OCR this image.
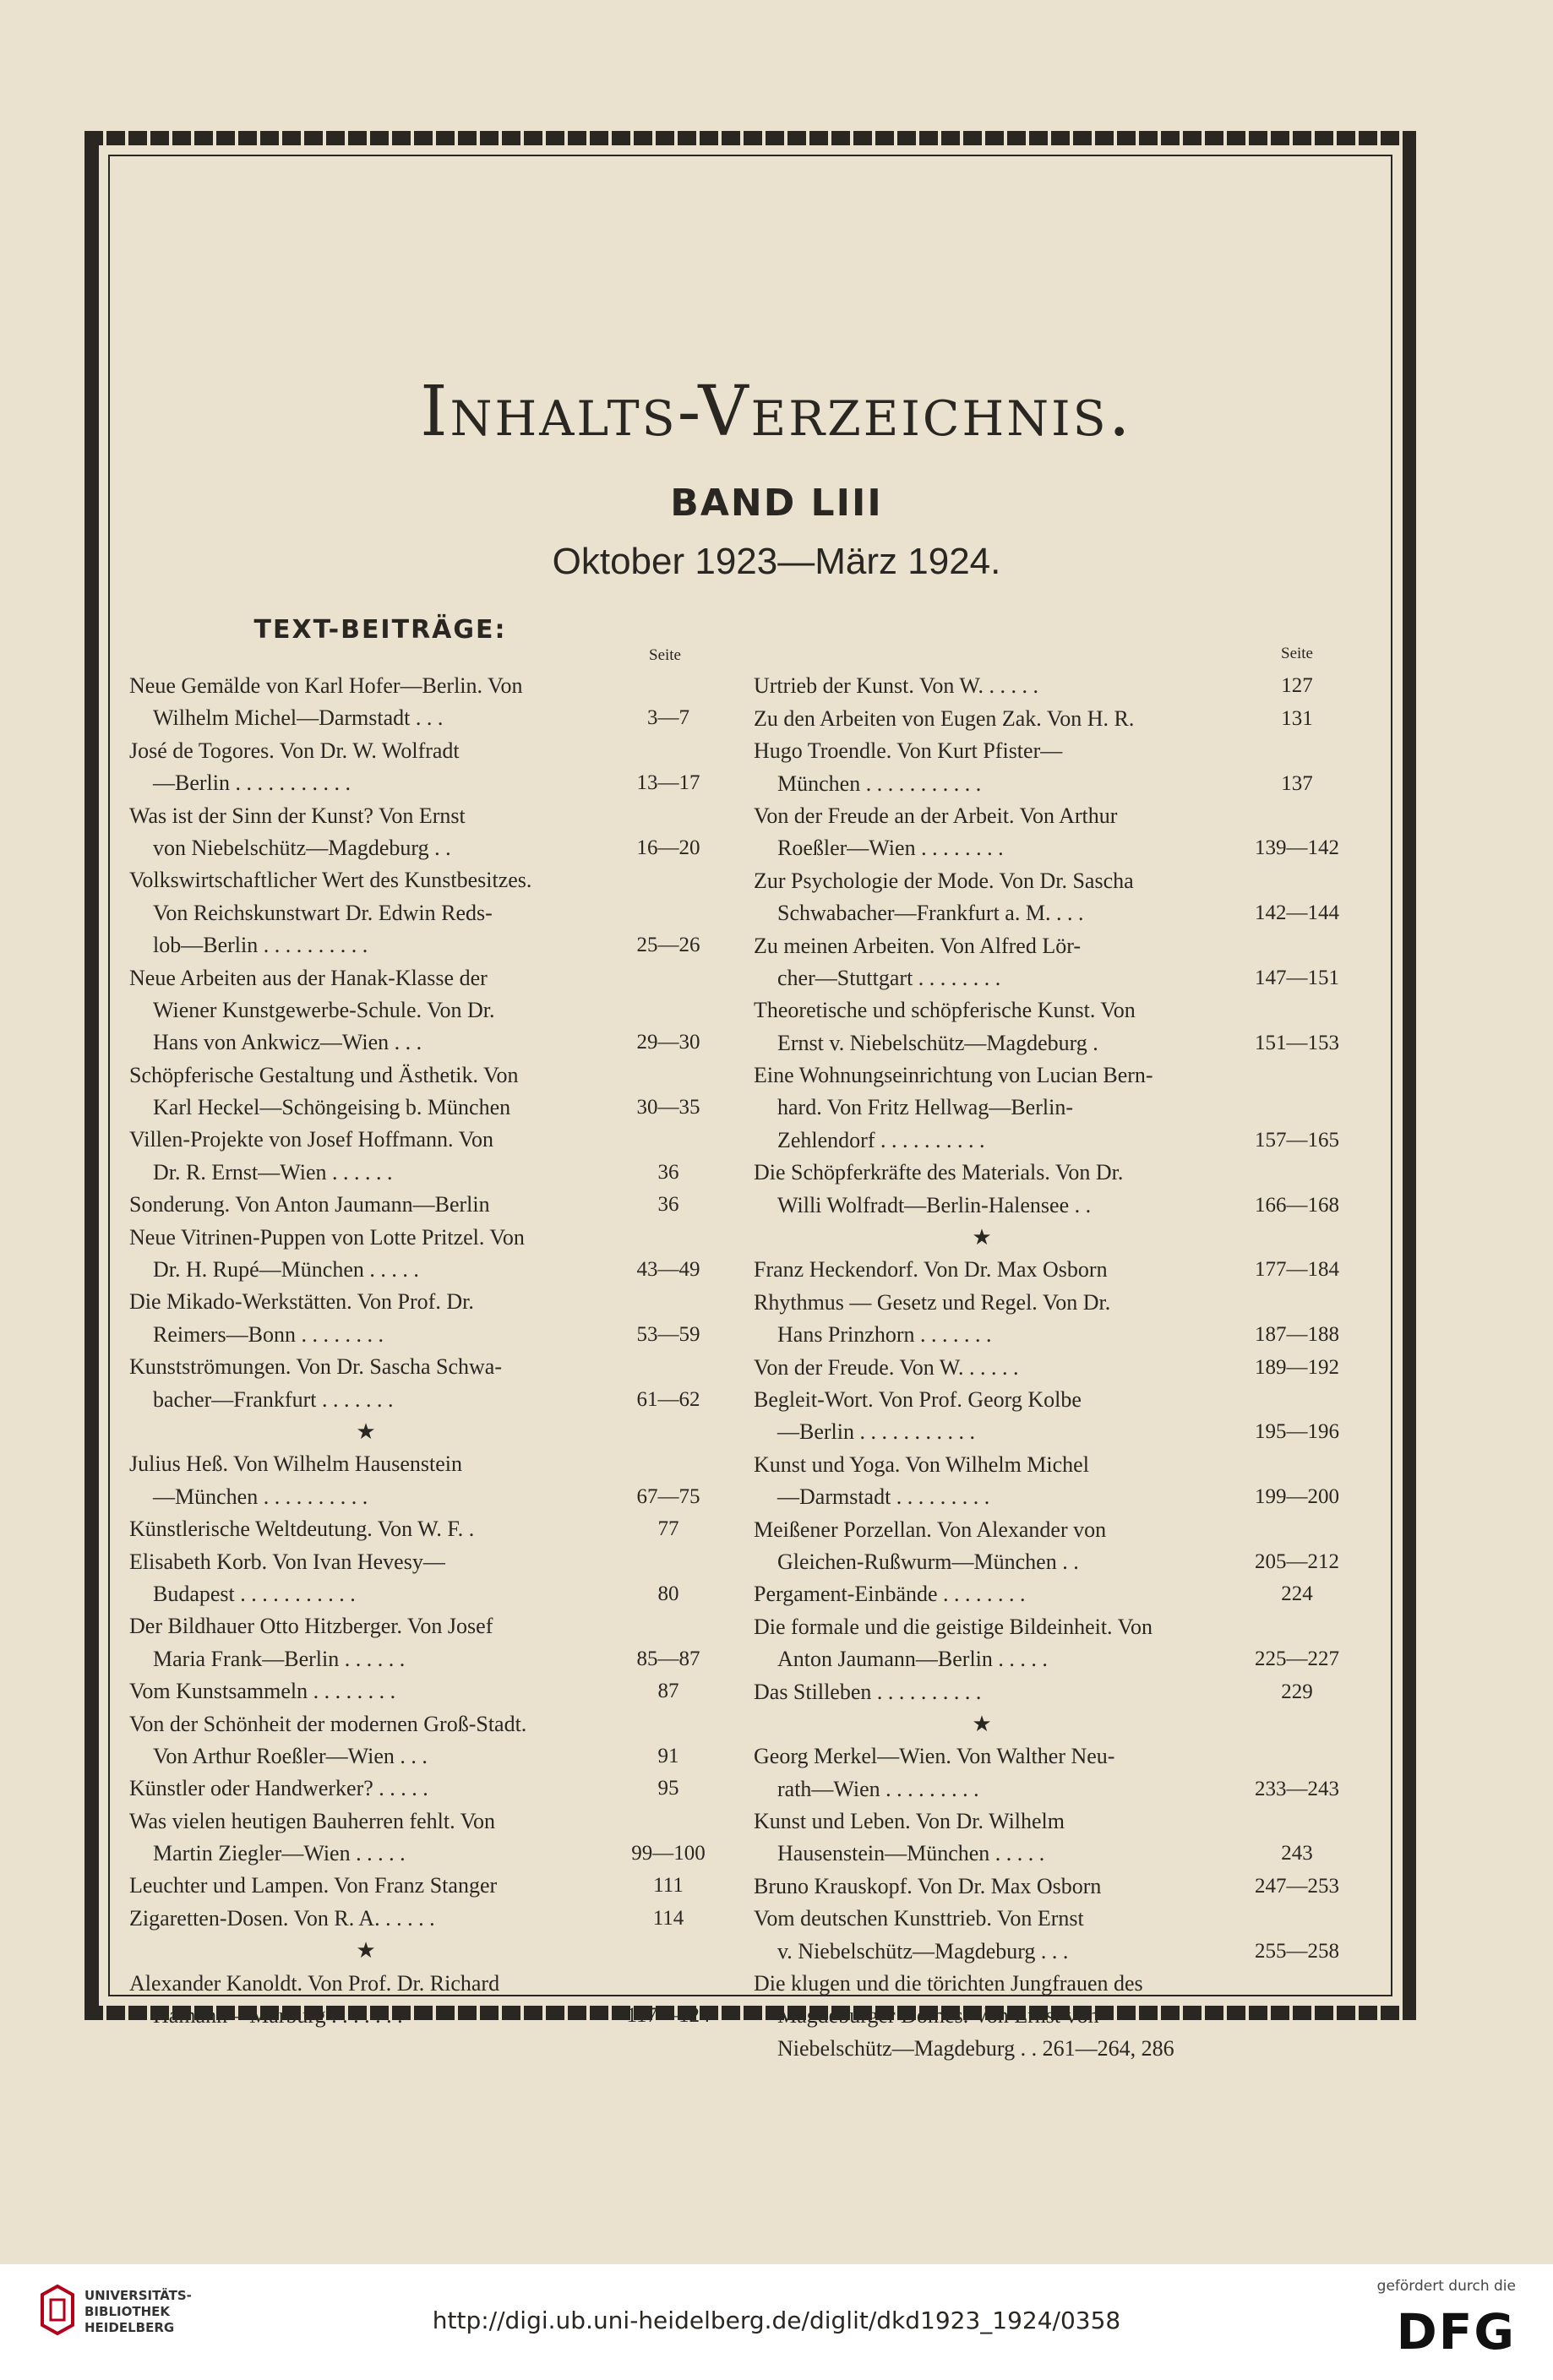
Inhalts-Verzeichnis.
BAND LIII
Oktober 1923—März 1924.
TEXT-BEITRÄGE:
Seite
Neue Gemälde von Karl Hofer—Berlin. Von
Wilhelm Michel—Darmstadt . . .	3—7
José de Togores. Von Dr. W. Wolfradt
—Berlin . . . . . . . . . . .	13—17
Was ist der Sinn der Kunst? Von Ernst
von Niebelschütz—Magdeburg . .	16—20
Volkswirtschaftlicher Wert des Kunstbesitzes.
Von Reichskunstwart Dr. Edwin Reds-
lob—Berlin . . . . . . . . . .	25—26
Neue Arbeiten aus der Hanak-Klasse der
Wiener Kunstgewerbe-Schule. Von Dr.
Hans von Ankwicz—Wien . . .	29—30
Schöpferische Gestaltung und Ästhetik. Von
Karl Heckel—Schöngeising b. München	30—35
Villen-Projekte von Josef Hoffmann. Von
Dr. R. Ernst—Wien . . . . . .	36
Sonderung. Von Anton Jaumann—Berlin	36
Neue Vitrinen-Puppen von Lotte Pritzel. Von
Dr. H. Rupé—München . . . . .	43—49
Die Mikado-Werkstätten. Von Prof. Dr.
Reimers—Bonn . . . . . . . .	53—59
Kunstströmungen. Von Dr. Sascha Schwa-
bacher—Frankfurt . . . . . . .	61—62
★
Julius Heß. Von Wilhelm Hausenstein
—München . . . . . . . . . .	67—75
Künstlerische Weltdeutung. Von W. F. .	77
Elisabeth Korb. Von Ivan Hevesy—
Budapest . . . . . . . . . . .	80
Der Bildhauer Otto Hitzberger. Von Josef
Maria Frank—Berlin . . . . . .	85—87
Vom Kunstsammeln . . . . . . . .	87
Von der Schönheit der modernen Groß-Stadt.
Von Arthur Roeßler—Wien . . .	91
Künstler oder Handwerker? . . . . .	95
Was vielen heutigen Bauherren fehlt. Von
Martin Ziegler—Wien . . . . .	99—100
Leuchter und Lampen. Von Franz Stanger	111
Zigaretten-Dosen. Von R. A. . . . . .	114
★
Alexander Kanoldt. Von Prof. Dr. Richard
Hamann—Marburg . . . . . . .	117—124
Seite
Urtrieb der Kunst. Von W. . . . . .	127
Zu den Arbeiten von Eugen Zak. Von H. R.	131
Hugo Troendle. Von Kurt Pfister—
München . . . . . . . . . . .	137
Von der Freude an der Arbeit. Von Arthur
Roeßler—Wien . . . . . . . .	139—142
Zur Psychologie der Mode. Von Dr. Sascha
Schwabacher—Frankfurt a. M. . . .	142—144
Zu meinen Arbeiten. Von Alfred Lör-
cher—Stuttgart . . . . . . . .	147—151
Theoretische und schöpferische Kunst. Von
Ernst v. Niebelschütz—Magdeburg .	151—153
Eine Wohnungseinrichtung von Lucian Bern-
hard. Von Fritz Hellwag—Berlin-
Zehlendorf . . . . . . . . . .	157—165
Die Schöpferkräfte des Materials. Von Dr.
Willi Wolfradt—Berlin-Halensee . .	166—168
★
Franz Heckendorf. Von Dr. Max Osborn	177—184
Rhythmus — Gesetz und Regel. Von Dr.
Hans Prinzhorn . . . . . . .	187—188
Von der Freude. Von W. . . . . .	189—192
Begleit-Wort. Von Prof. Georg Kolbe
—Berlin . . . . . . . . . . .	195—196
Kunst und Yoga. Von Wilhelm Michel
—Darmstadt . . . . . . . . .	199—200
Meißener Porzellan. Von Alexander von
Gleichen-Rußwurm—München . .	205—212
Pergament-Einbände . . . . . . . .	224
Die formale und die geistige Bildeinheit. Von
Anton Jaumann—Berlin . . . . .	225—227
Das Stilleben . . . . . . . . . .	229
★
Georg Merkel—Wien. Von Walther Neu-
rath—Wien . . . . . . . . .	233—243
Kunst und Leben. Von Dr. Wilhelm
Hausenstein—München . . . . .	243
Bruno Krauskopf. Von Dr. Max Osborn	247—253
Vom deutschen Kunsttrieb. Von Ernst
v. Niebelschütz—Magdeburg . . .	255—258
Die klugen und die törichten Jungfrauen des
Magdeburger Domes. Von Ernst von
Niebelschütz—Magdeburg . . 261—264, 286
UNIVERSITÄTS-
BIBLIOTHEK
HEIDELBERG	http://digi.ub.uni-heidelberg.de/diglit/dkd1923_1924/0358
gefördert durch die
DFG
